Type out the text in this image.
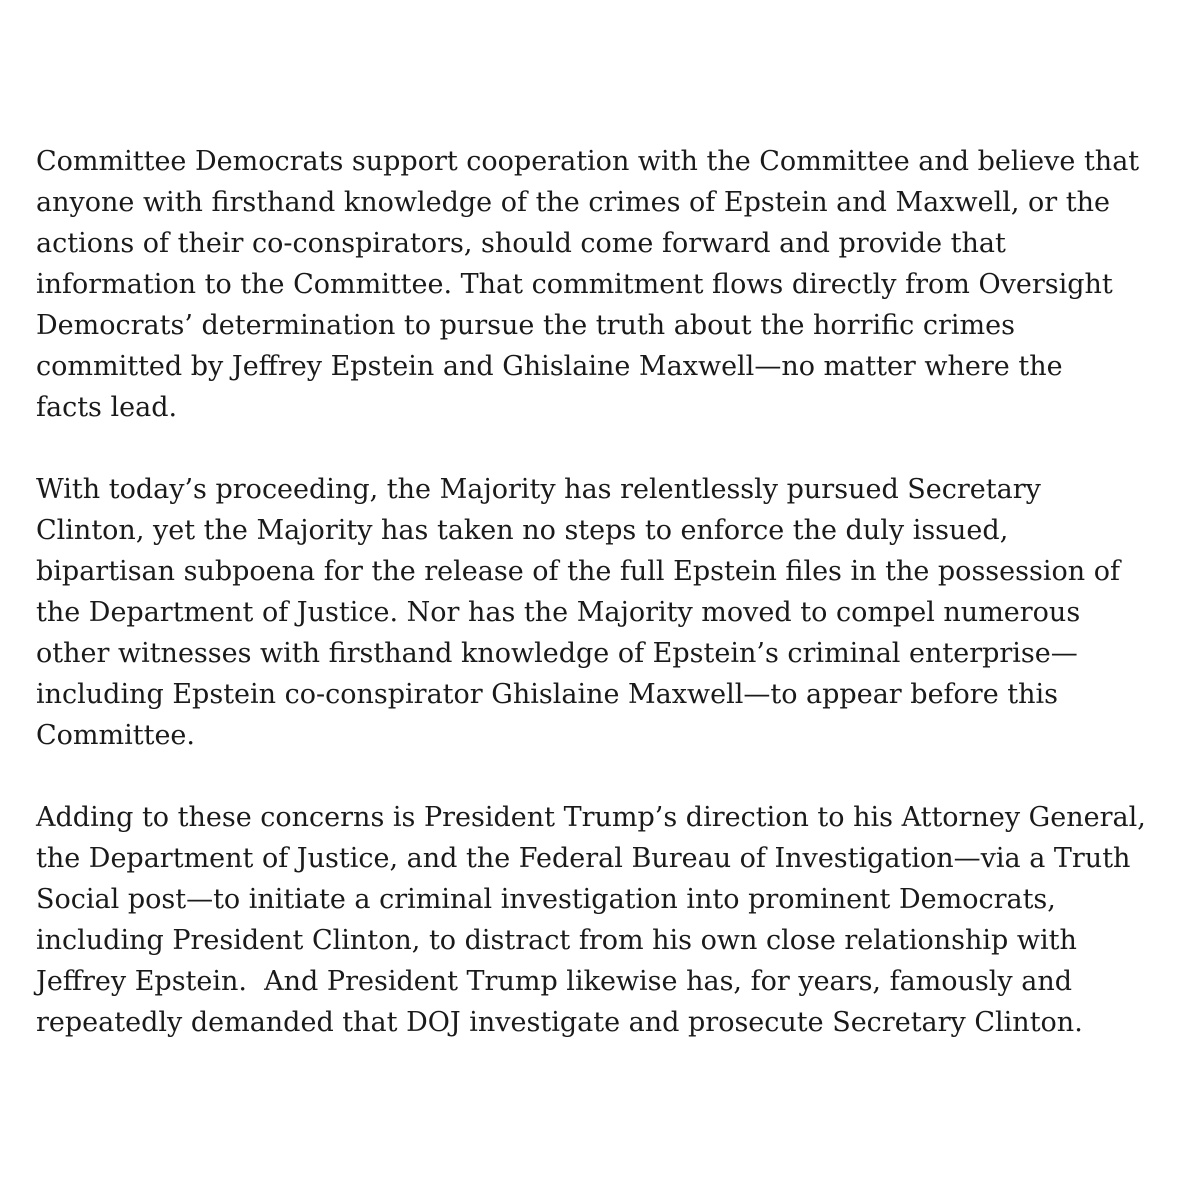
Committee Democrats support cooperation with the Committee and believe that
anyone with firsthand knowledge of the crimes of Epstein and Maxwell, or the
actions of their co-conspirators, should come forward and provide that
information to the Committee. That commitment flows directly from Oversight
Democrats’ determination to pursue the truth about the horrific crimes
committed by Jeffrey Epstein and Ghislaine Maxwell—no matter where the
facts lead.

With today’s proceeding, the Majority has relentlessly pursued Secretary
Clinton, yet the Majority has taken no steps to enforce the duly issued,
bipartisan subpoena for the release of the full Epstein files in the possession of
the Department of Justice. Nor has the Majority moved to compel numerous
other witnesses with firsthand knowledge of Epstein’s criminal enterprise—
including Epstein co-conspirator Ghislaine Maxwell—to appear before this
Committee.

Adding to these concerns is President Trump’s direction to his Attorney General,
the Department of Justice, and the Federal Bureau of Investigation—via a Truth
Social post—to initiate a criminal investigation into prominent Democrats,
including President Clinton, to distract from his own close relationship with
Jeffrey Epstein.  And President Trump likewise has, for years, famously and
repeatedly demanded that DOJ investigate and prosecute Secretary Clinton.
